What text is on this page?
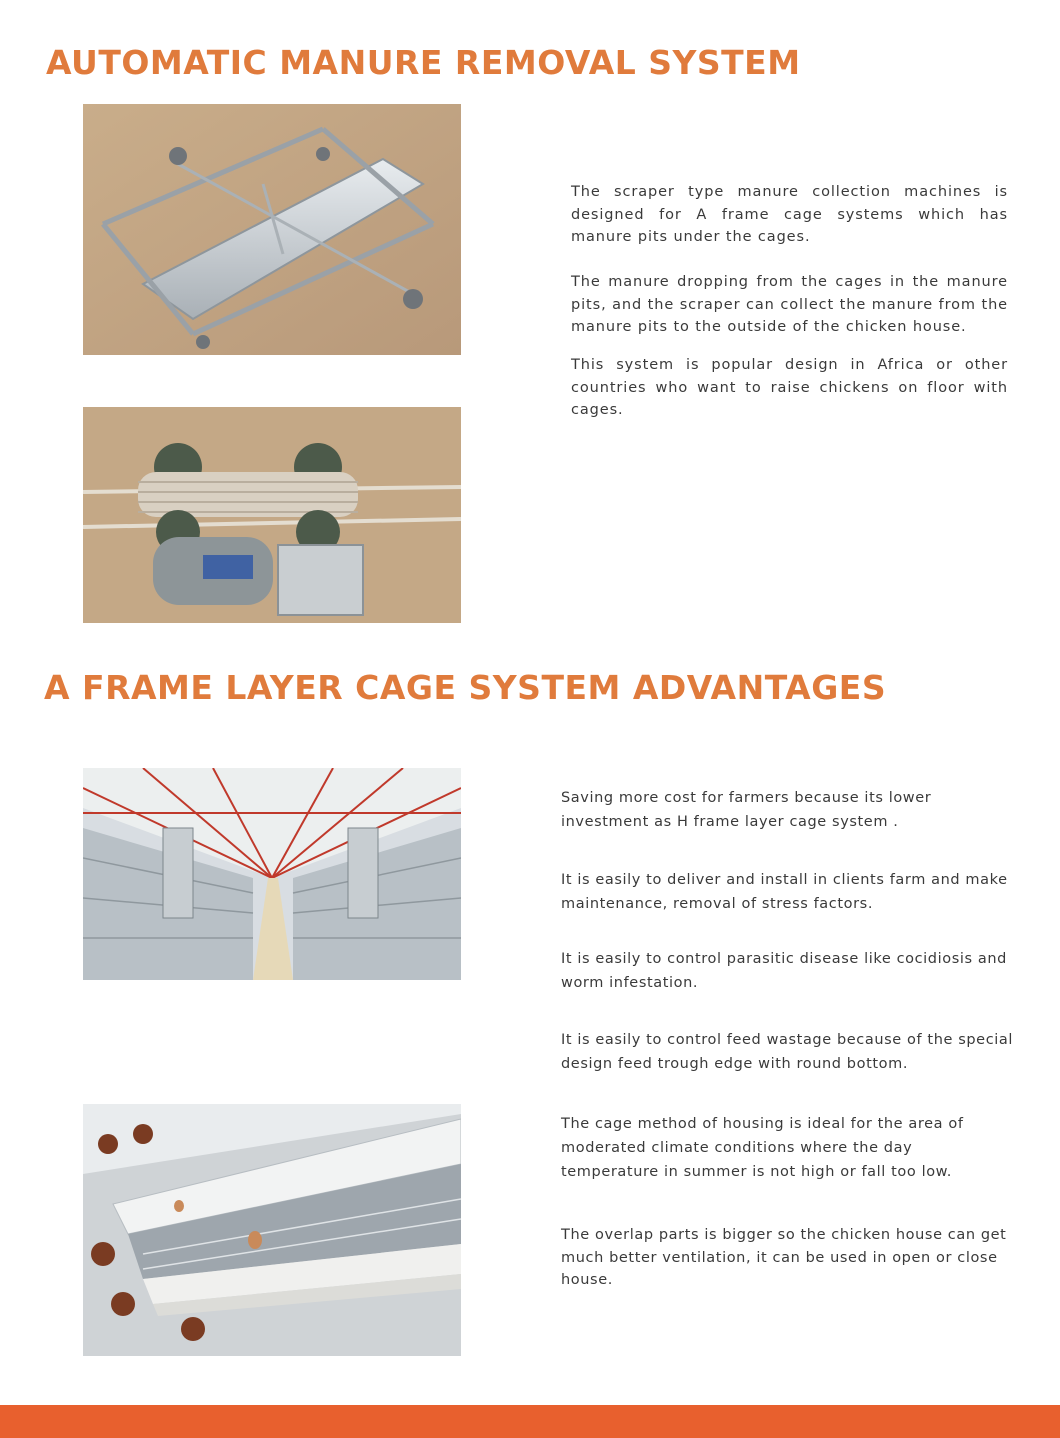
AUTOMATIC MANURE REMOVAL SYSTEM

The scraper type manure collection machines is designed for A frame cage systems which has manure pits under the cages.

The manure dropping from the cages in the manure pits, and the scraper can collect the manure from the manure pits to the outside of the chicken house.

This system is popular design in Africa or other countries who want to raise chickens on floor with cages.

A FRAME LAYER CAGE SYSTEM ADVANTAGES

Saving more cost for farmers because its lower investment as H frame layer cage system .

It is easily to deliver and install in clients farm and make maintenance, removal of stress factors.

It is easily to control parasitic disease like cocidiosis and worm infestation.

It is easily to control feed wastage because of the special design feed trough edge with round bottom.

The cage method of housing is ideal for the area of moderated climate conditions where the day temperature in summer is not high or fall too low.

The overlap parts is bigger so the chicken house can get much better ventilation, it can be used in open or close house.
